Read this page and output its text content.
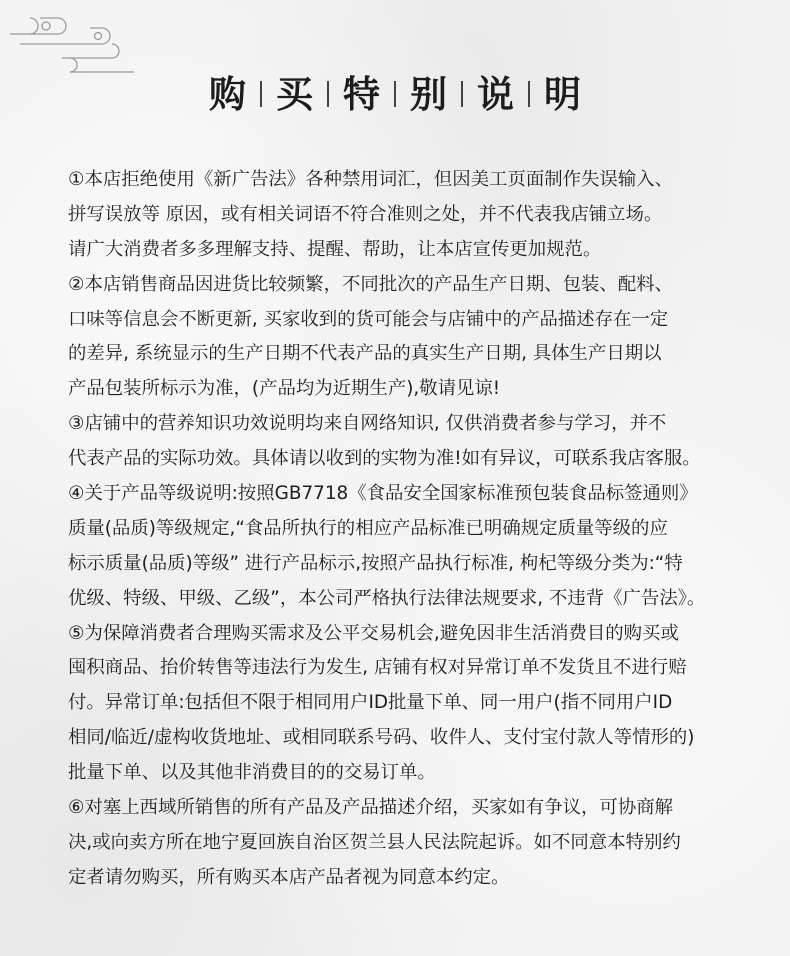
购 买 特 别 说 明
①本店拒绝使用《新广告法》各种禁用词汇，但因美工页面制作失误输入、
拼写误放等 原因，或有相关词语不符合准则之处，并不代表我店铺立场。
请广大消费者多多理解支持、提醒、帮助，让本店宣传更加规范。
②本店销售商品因进货比较频繁，不同批次的产品生产日期、包装、配料、
口味等信息会不断更新, 买家收到的货可能会与店铺中的产品描述存在一定
的差异, 系统显示的生产日期不代表产品的真实生产日期, 具体生产日期以
产品包装所标示为准，(产品均为近期生产),敬请见谅!
③店铺中的营养知识功效说明均来自网络知识, 仅供消费者参与学习，并不
代表产品的实际功效。具体请以收到的实物为准!如有异议，可联系我店客服。
④关于产品等级说明:按照GB7718《食品安全国家标准预包装食品标签通则》
质量(品质)等级规定,“食品所执行的相应产品标准已明确规定质量等级的应
标示质量(品质)等级” 进行产品标示,按照产品执行标准, 枸杞等级分类为:“特
优级、特级、甲级、乙级”，本公司严格执行法律法规要求, 不违背《广告法》。
⑤为保障消费者合理购买需求及公平交易机会,避免因非生活消费目的购买或
囤积商品、抬价转售等违法行为发生, 店铺有权对异常订单不发货且不进行赔
付。异常订单:包括但不限于相同用户ID批量下单、同一用户(指不同用户ID
相同/临近/虚构收货地址、或相同联系号码、收件人、支付宝付款人等情形的)
批量下单、以及其他非消费目的的交易订单。
⑥对塞上西域所销售的所有产品及产品描述介绍，买家如有争议，可协商解
决,或向卖方所在地宁夏回族自治区贺兰县人民法院起诉。如不同意本特别约
定者请勿购买，所有购买本店产品者视为同意本约定。
